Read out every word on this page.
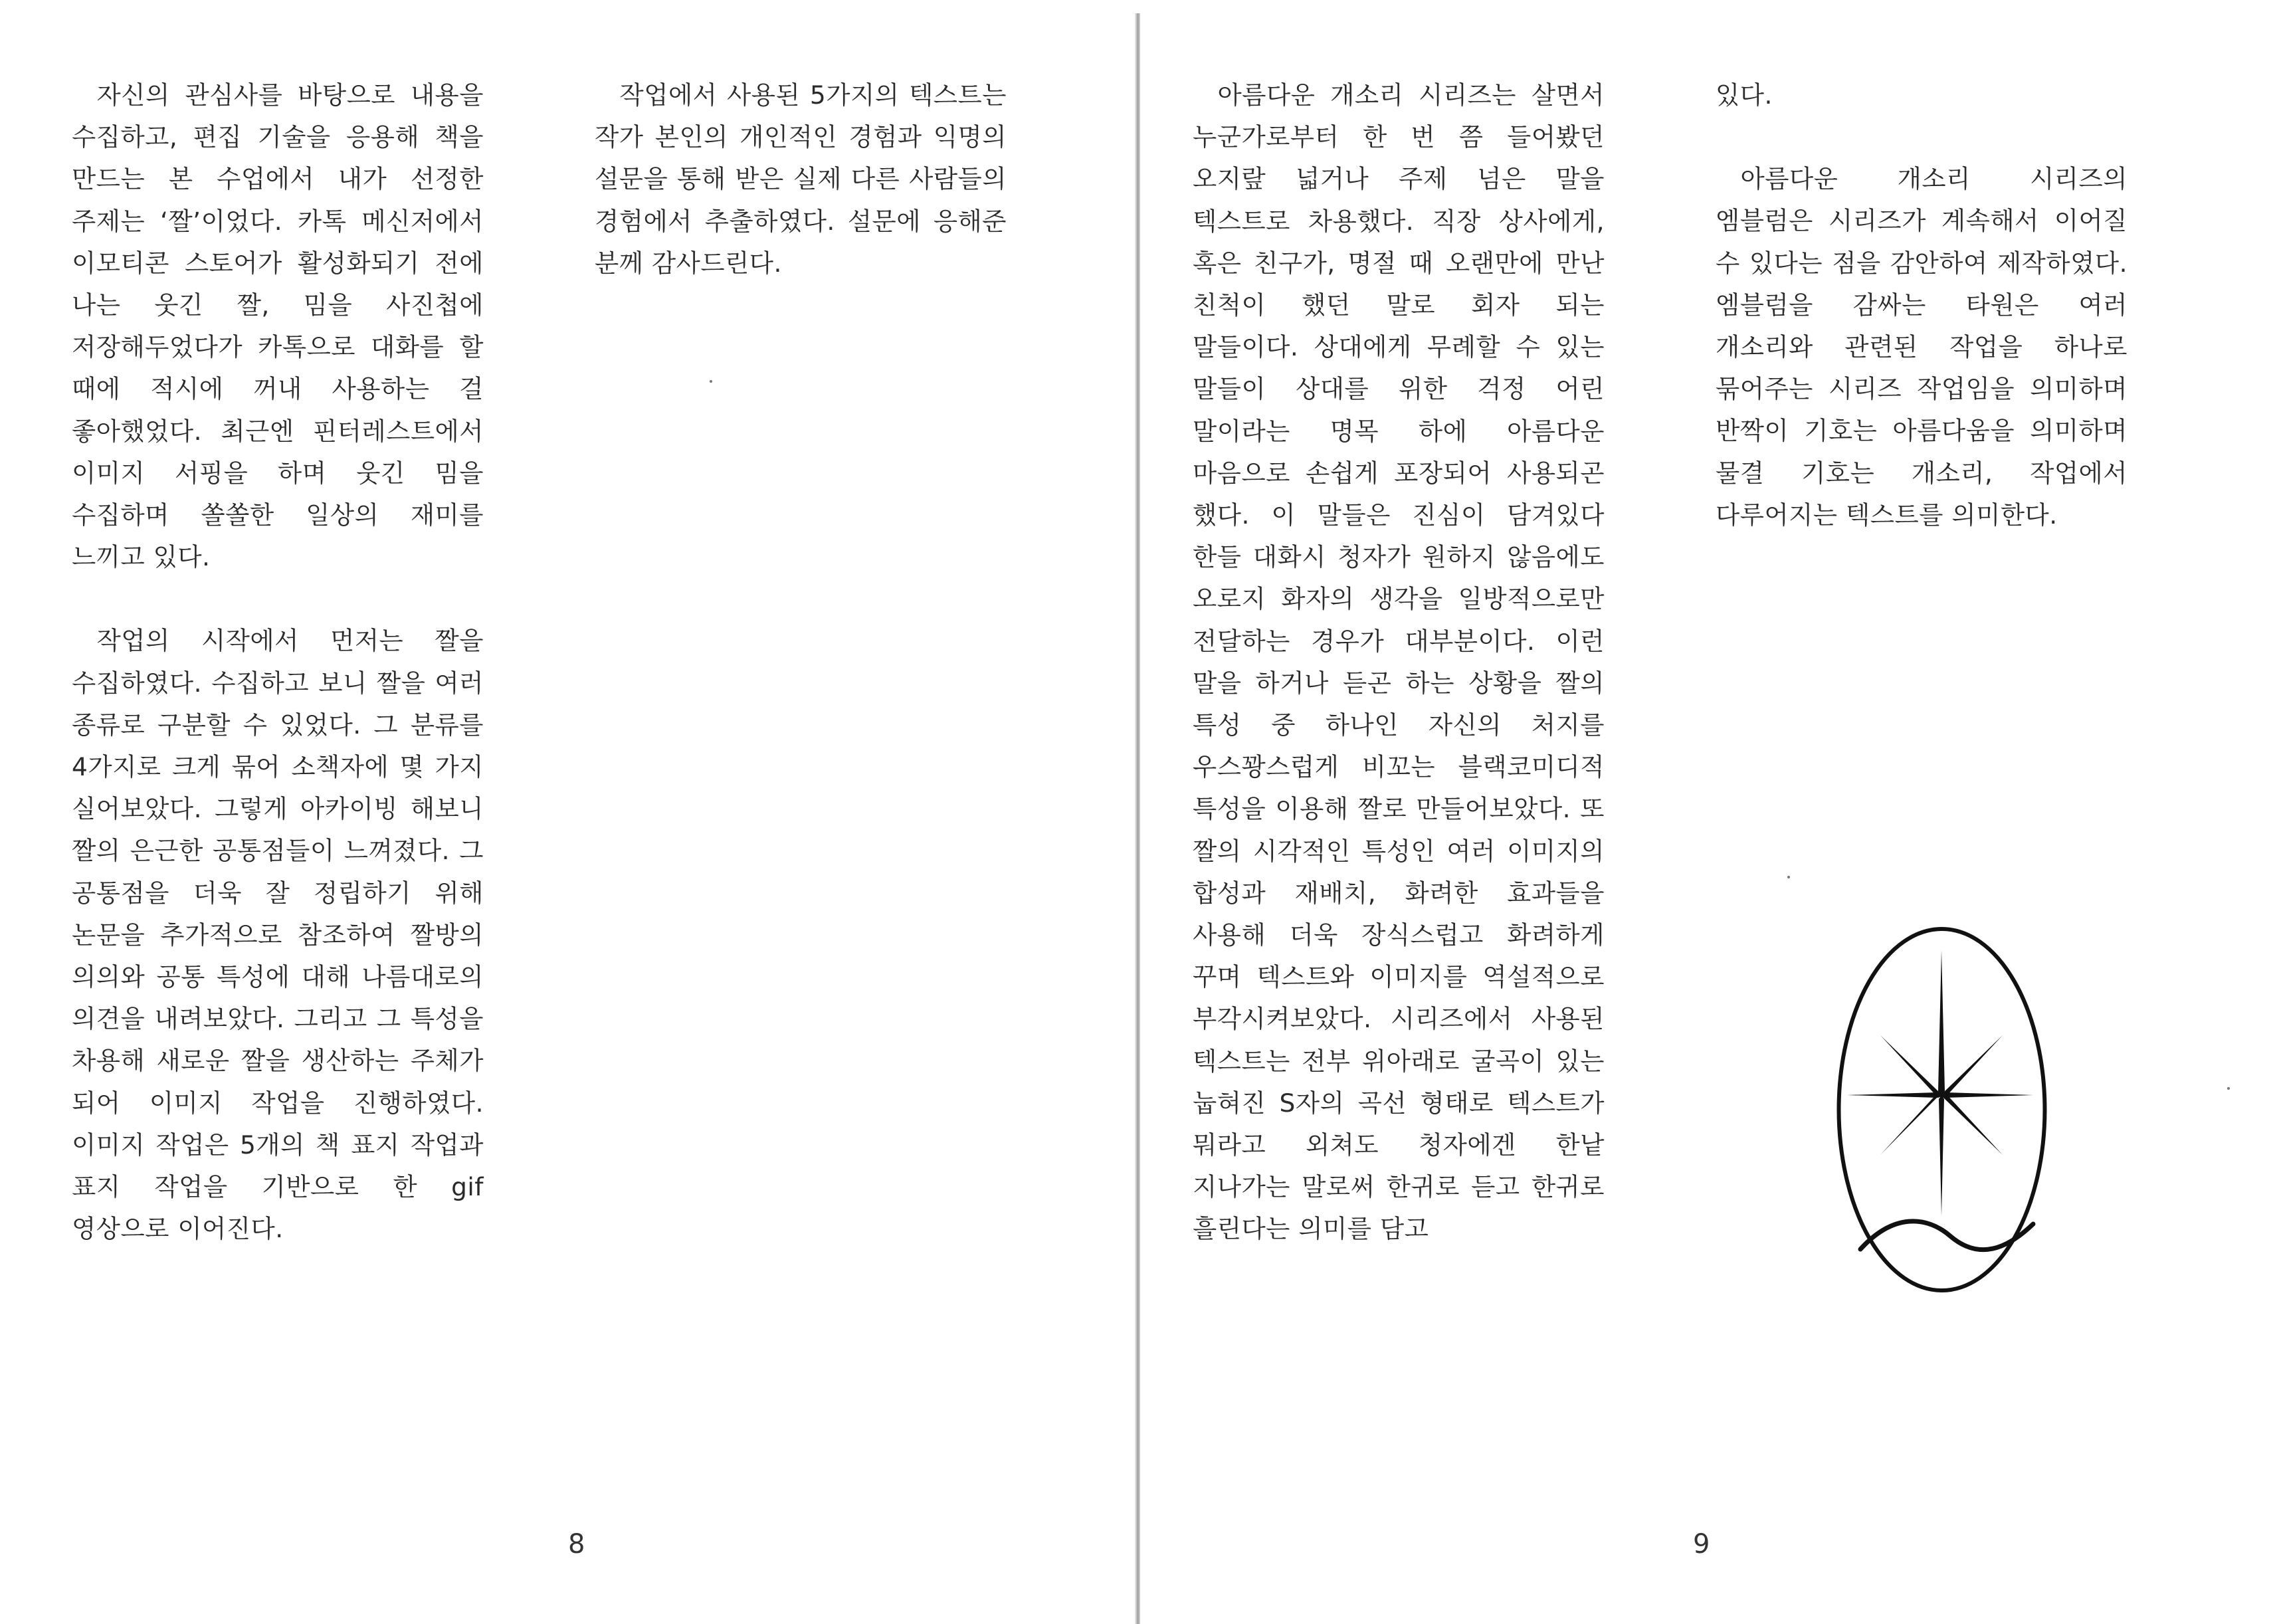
자신의 관심사를 바탕으로 내용을 수집하고, 편집 기술을 응용해 책을 만드는 본 수업에서 내가 선정한 주제는 ‘짤’이었다. 카톡 메신저에서 이모티콘 스토어가 활성화되기 전에 나는 웃긴 짤, 밈을 사진첩에 저장해두었다가 카톡으로 대화를 할 때에 적시에 꺼내 사용하는 걸 좋아했었다. 최근엔 핀터레스트에서 이미지 서핑을 하며 웃긴 밈을 수집하며 쏠쏠한 일상의 재미를 느끼고 있다.

작업의 시작에서 먼저는 짤을 수집하였다. 수집하고 보니 짤을 여러 종류로 구분할 수 있었다. 그 분류를 4가지로 크게 묶어 소책자에 몇 가지 실어보았다. 그렇게 아카이빙 해보니 짤의 은근한 공통점들이 느껴졌다. 그 공통점을 더욱 잘 정립하기 위해 논문을 추가적으로 참조하여 짤방의 의의와 공통 특성에 대해 나름대로의 의견을 내려보았다. 그리고 그 특성을 차용해 새로운 짤을 생산하는 주체가 되어 이미지 작업을 진행하였다. 이미지 작업은 5개의 책 표지 작업과 표지 작업을 기반으로 한 gif 영상으로 이어진다.

작업에서 사용된 5가지의 텍스트는 작가 본인의 개인적인 경험과 익명의 설문을 통해 받은 실제 다른 사람들의 경험에서 추출하였다. 설문에 응해준 분께 감사드린다.

8

아름다운 개소리 시리즈는 살면서 누군가로부터 한 번 쯤 들어봤던 오지랖 넓거나 주제 넘은 말을 텍스트로 차용했다. 직장 상사에게, 혹은 친구가, 명절 때 오랜만에 만난 친척이 했던 말로 회자 되는 말들이다. 상대에게 무례할 수 있는 말들이 상대를 위한 걱정 어린 말이라는 명목 하에 아름다운 마음으로 손쉽게 포장되어 사용되곤 했다. 이 말들은 진심이 담겨있다 한들 대화시 청자가 원하지 않음에도 오로지 화자의 생각을 일방적으로만 전달하는 경우가 대부분이다. 이런 말을 하거나 듣곤 하는 상황을 짤의 특성 중 하나인 자신의 처지를 우스꽝스럽게 비꼬는 블랙코미디적 특성을 이용해 짤로 만들어보았다. 또 짤의 시각적인 특성인 여러 이미지의 합성과 재배치, 화려한 효과들을 사용해 더욱 장식스럽고 화려하게 꾸며 텍스트와 이미지를 역설적으로 부각시켜보았다. 시리즈에서 사용된 텍스트는 전부 위아래로 굴곡이 있는 눕혀진 S자의 곡선 형태로 텍스트가 뭐라고 외쳐도 청자에겐 한낱 지나가는 말로써 한귀로 듣고 한귀로 흘린다는 의미를 담고

있다.

아름다운 개소리 시리즈의 엠블럼은 시리즈가 계속해서 이어질 수 있다는 점을 감안하여 제작하였다. 엠블럼을 감싸는 타원은 여러 개소리와 관련된 작업을 하나로 묶어주는 시리즈 작업임을 의미하며 반짝이 기호는 아름다움을 의미하며 물결 기호는 개소리, 작업에서 다루어지는 텍스트를 의미한다.

9
